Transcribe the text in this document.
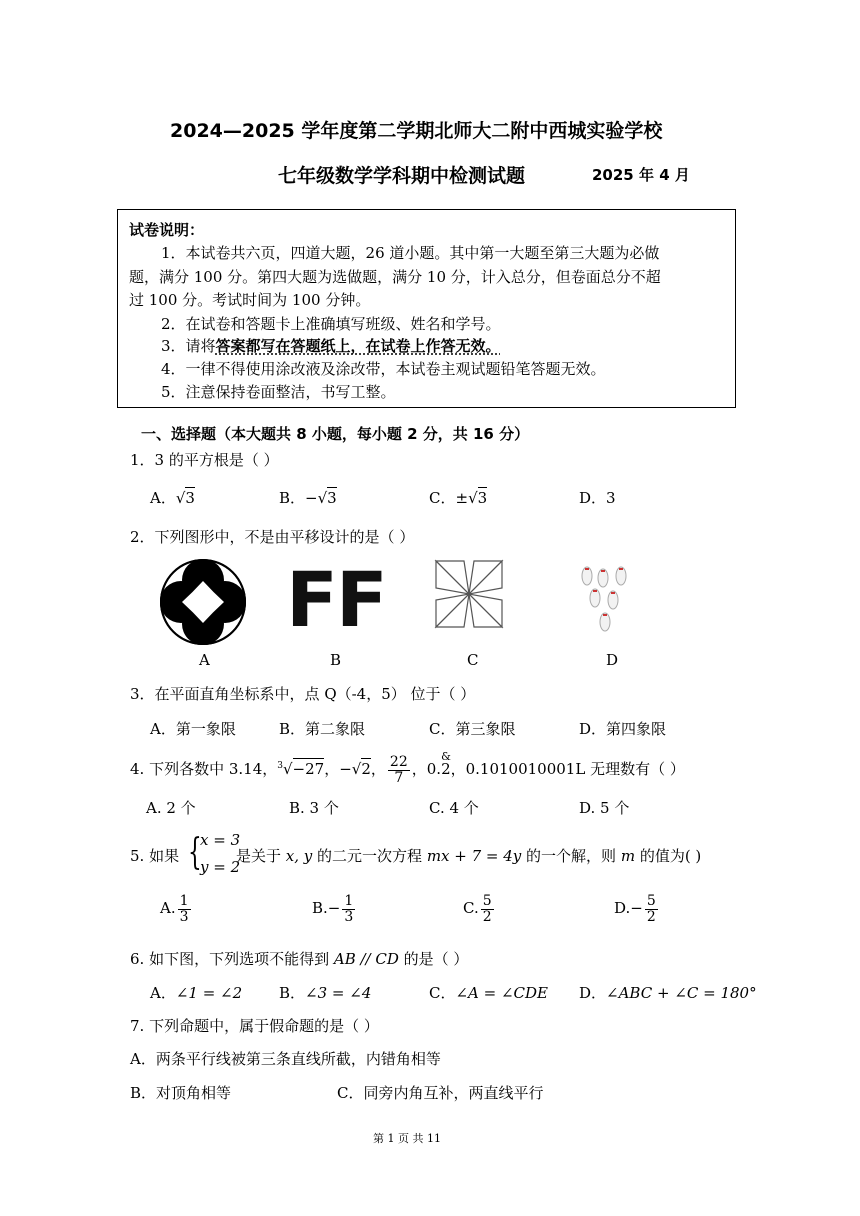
2024—2025 学年度第二学期北师大二附中西城实验学校
七年级数学学科期中检测试题	2025 年 4 月
试卷说明：
1．本试卷共六页，四道大题，26 道小题。其中第一大题至第三大题为必做
题，满分 100 分。第四大题为选做题，满分 10 分，计入总分，但卷面总分不超
过 100 分。考试时间为 100 分钟。
2．在试卷和答题卡上准确填写班级、姓名和学号。
3．请将答案都写在答题纸上，在试卷上作答无效。
4．一律不得使用涂改液及涂改带，本试卷主观试题铅笔答题无效。
5．注意保持卷面整洁，书写工整。
一、选择题（本大题共 8 小题，每小题 2 分，共 16 分）
1．3 的平方根是（ ）
A．√3	B．−√3	C．±√3	D．3
2．下列图形中，不是由平移设计的是（ ）
FF
A	B	C	D
3．在平面直角坐标系中，点 Q（-4，5） 位于（ ）
A．第一象限	B．第二象限	C．第三象限	D．第四象限
4. 下列各数中 3.14，$^3$√−27，−√2， $\frac{22}{7}$ ，0.
&
2，0.1010010001L 无理数有（ ）
A. 2 个	B. 3 个	C. 4 个	D. 5 个
5. 如果 {
x = 3
y = 2
是关于 x, y 的二元一次方程 mx + 7 = 4y 的一个解，则 m 的值为( )
A. $\frac{1}{3}$	$B.- \frac{1}{3}$	C. $\frac{5}{2}$	$D.- \frac{5}{2}$
6. 如下图，下列选项不能得到 AB // CD 的是（ ）
A．∠1 = ∠2 B．∠3 = ∠4	C．∠A = ∠CDE D．∠ABC + ∠C = 180°
7. 下列命题中，属于假命题的是（ ）
A．两条平行线被第三条直线所截，内错角相等
B．对顶角相等	C．同旁内角互补，两直线平行
第 1 页 共 11
